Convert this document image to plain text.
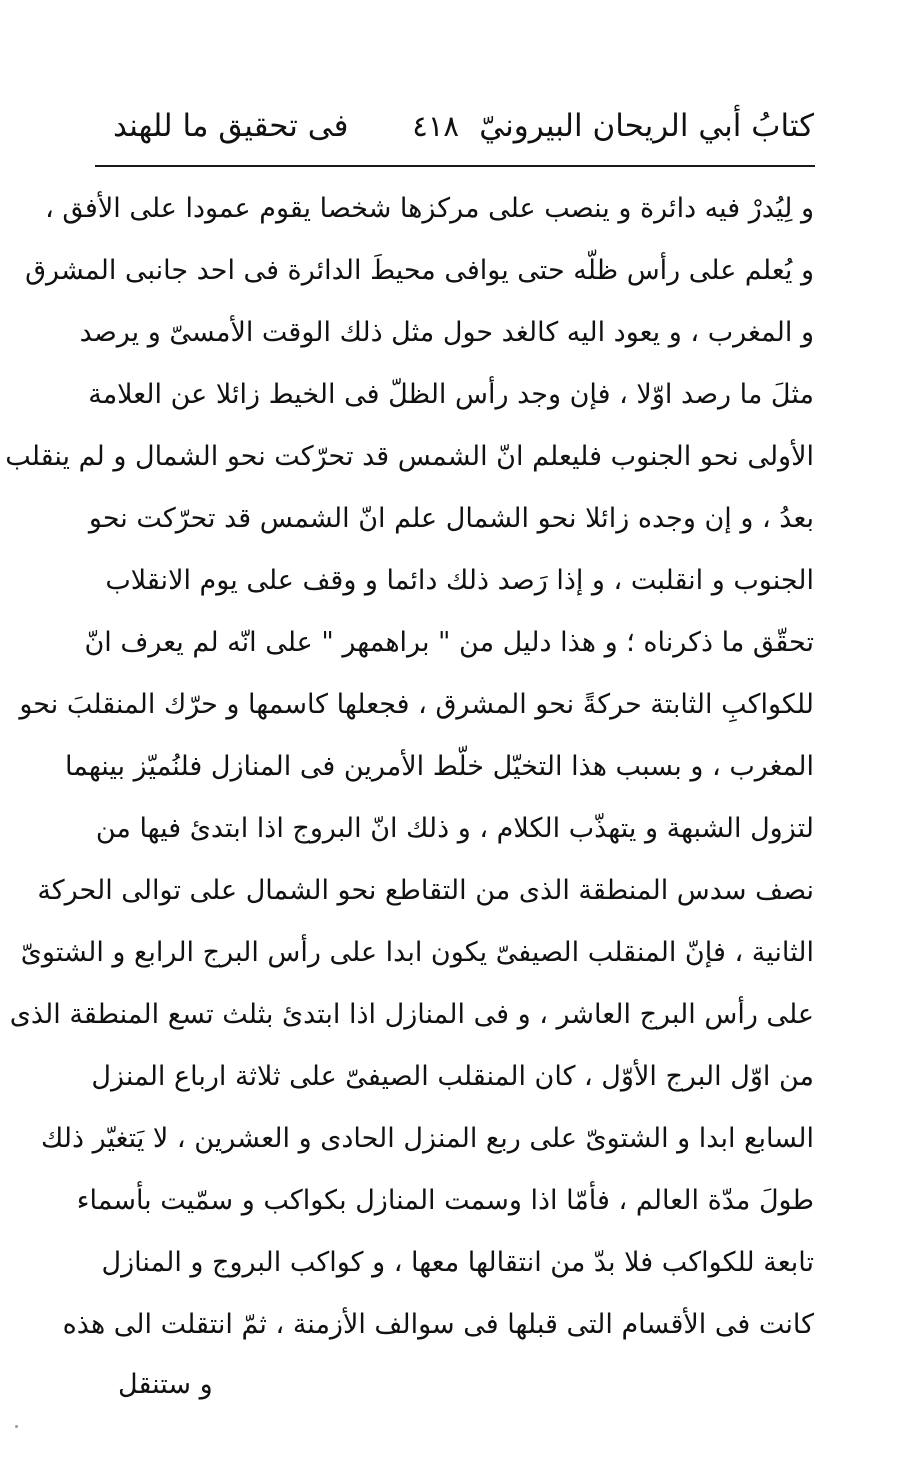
كتابُ أبي الريحان البيرونيّ
٤١٨
فى تحقيق ما للهند
و لِيُدرْ فيه دائرة و ينصب على مركزها شخصا يقوم عمودا على الأفق ،
و يُعلم على رأس ظلّه حتى يوافى محيطَ الدائرة فى احد جانبى المشرق
و المغرب ، و يعود اليه كالغد حول مثل ذلك الوقت الأمسىّ و يرصد
مثلَ ما رصد اوّلا ، فإن وجد رأس الظلّ فى الخيط زائلا عن العلامة
الأولى نحو الجنوب فليعلم انّ الشمس قد تحرّكت نحو الشمال و لم ينقلب
بعدُ ، و إن وجده زائلا نحو الشمال علم انّ الشمس قد تحرّكت نحو
الجنوب و انقلبت ، و إذا رَصد ذلك دائما و وقف على يوم الانقلاب
تحقّق ما ذكرناه ؛ و هذا دليل من " براهمهر " على انّه لم يعرف انّ
للكواكبِ الثابتة حركةً نحو المشرق ، فجعلها كاسمها و حرّك المنقلبَ نحو
المغرب ، و بسبب هذا التخيّل خلّط الأمرين فى المنازل فلنُميّز بينهما
لتزول الشبهة و يتهذّب الكلام ، و ذلك انّ البروج اذا ابتدئ فيها من
نصف سدس المنطقة الذى من التقاطع نحو الشمال على توالى الحركة
الثانية ، فإنّ المنقلب الصيفىّ يكون ابدا على رأس البرج الرابع و الشتوىّ
على رأس البرج العاشر ، و فى المنازل اذا ابتدئ بثلث تسع المنطقة الذى
من اوّل البرج الأوّل ، كان المنقلب الصيفىّ على ثلاثة ارباع المنزل
السابع ابدا و الشتوىّ على ربع المنزل الحادى و العشرين ، لا يَتغيّر ذلك
طولَ مدّة العالم ، فأمّا اذا وسمت المنازل بكواكب و سمّيت بأسماء
تابعة للكواكب فلا بدّ من انتقالها معها ، و كواكب البروج و المنازل
كانت فى الأقسام التى قبلها فى سوالف الأزمنة ، ثمّ انتقلت الى هذه
و ستنقل
